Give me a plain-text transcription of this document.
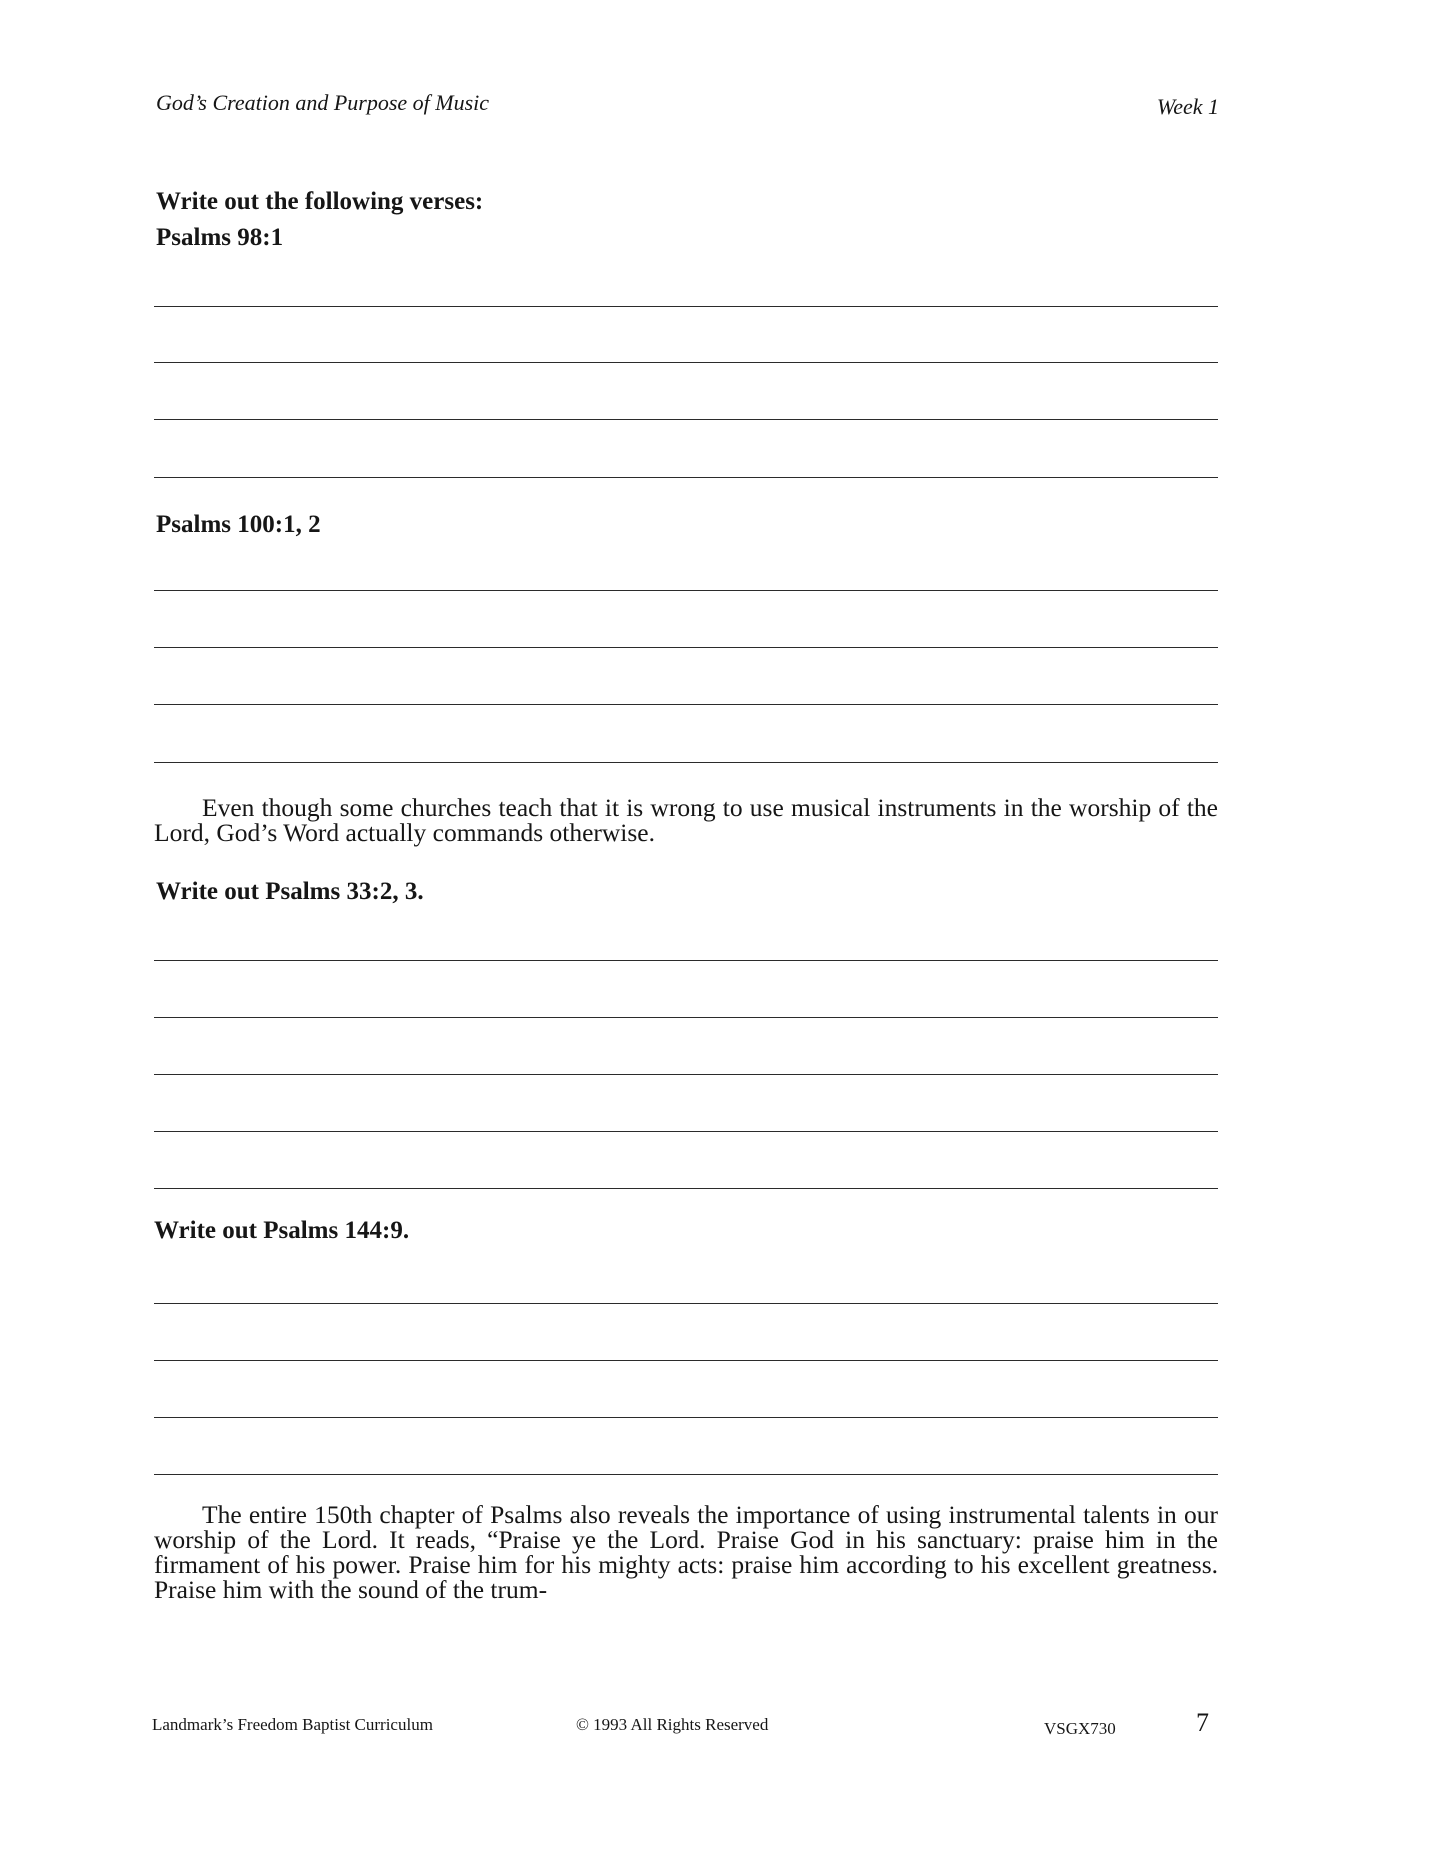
God’s Creation and Purpose of Music	Week 1
Write out the following verses:
Psalms 98:1
Psalms 100:1, 2
Even though some churches teach that it is wrong to use musical instruments in the worship of the Lord, God’s Word actually commands otherwise.
Write out Psalms 33:2, 3.
Write out Psalms 144:9.
The entire 150th chapter of Psalms also reveals the importance of using instrumental talents in our worship of the Lord. It reads, “Praise ye the Lord. Praise God in his sanctuary: praise him in the firmament of his power. Praise him for his mighty acts: praise him according to his excellent greatness. Praise him with the sound of the trum-
Landmark’s Freedom Baptist Curriculum	© 1993 All Rights Reserved	VSGX730	7
